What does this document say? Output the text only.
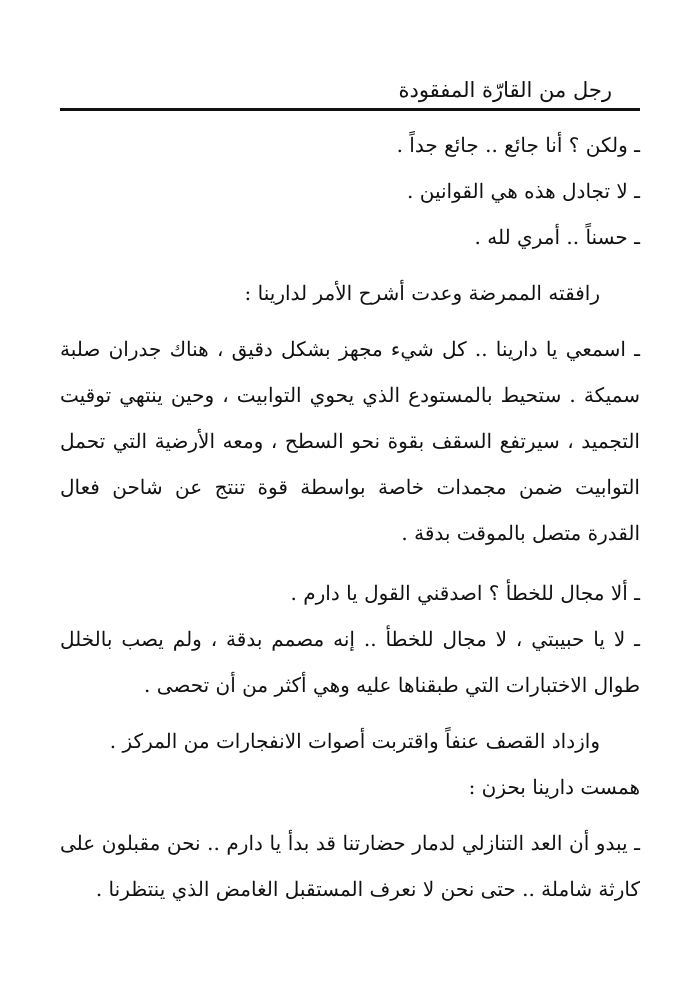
رجل من القارّة المفقودة

ـ ولكن ؟ أنا جائع .. جائع جداً .

ـ لا تجادل هذه هي القوانين .

ـ حسناً .. أمري لله .

رافقته الممرضة وعدت أشرح الأمر لدارينا :

ـ اسمعي يا دارينا .. كل شيء مجهز بشكل دقيق ، هناك جدران صلبة سميكة . ستحيط بالمستودع الذي يحوي التوابيت ، وحين ينتهي توقيت التجميد ، سيرتفع السقف بقوة نحو السطح ، ومعه الأرضية التي تحمل التوابيت ضمن مجمدات خاصة بواسطة قوة تنتج عن شاحن فعال القدرة متصل بالموقت بدقة .

ـ ألا مجال للخطأ ؟ اصدقني القول يا دارم .

ـ لا يا حبيبتي ، لا مجال للخطأ .. إنه مصمم بدقة ، ولم يصب بالخلل طوال الاختبارات التي طبقناها عليه وهي أكثر من أن تحصى .

وازداد القصف عنفاً واقتربت أصوات الانفجارات من المركز .

همست دارينا بحزن :

ـ يبدو أن العد التنازلي لدمار حضارتنا قد بدأ يا دارم .. نحن مقبلون على كارثة شاملة .. حتى نحن لا نعرف المستقبل الغامض الذي ينتظرنا .
